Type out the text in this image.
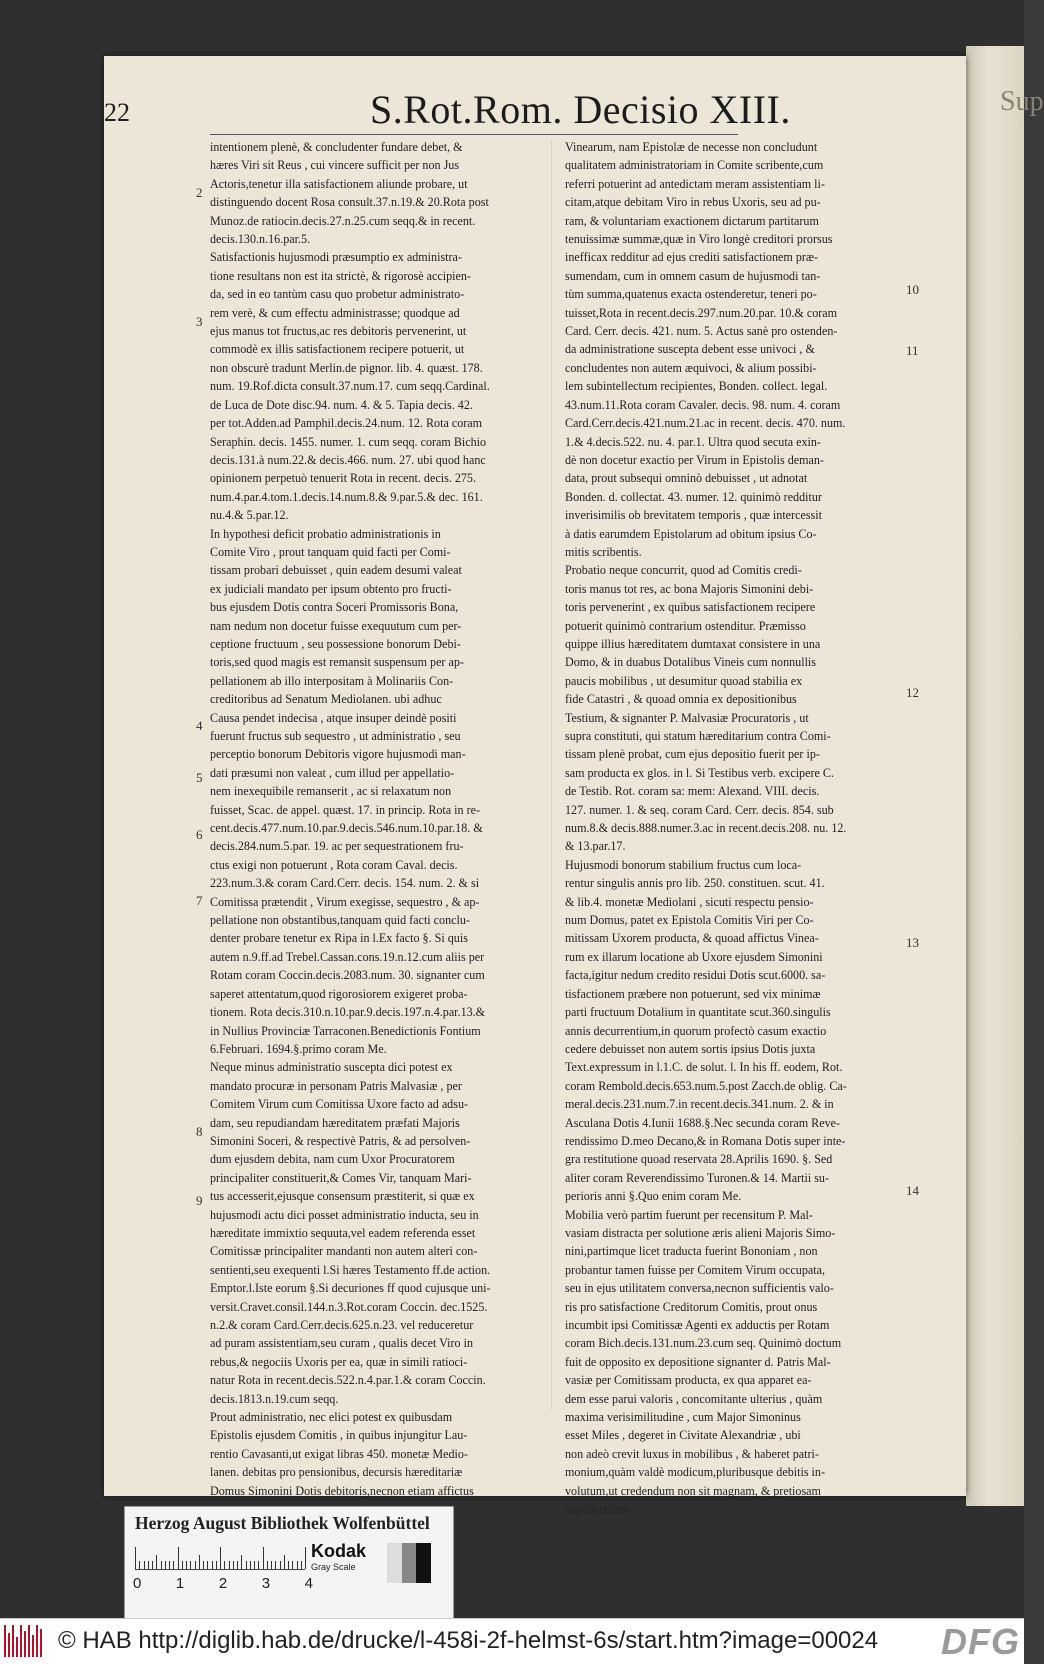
Sup
22	S.Rot.Rom. Decisio XIII.
intentionem plenè, & concludenter fundare debet, &
hæres Viri sit Reus , cui vincere sufficit per non Jus
Actoris,tenetur illa satisfactionem aliunde probare, ut
distinguendo docent Rosa consult.37.n.19.& 20.Rota post
Munoz.de ratiocin.decis.27.n.25.cum seqq.& in recent.
decis.130.n.16.par.5.
Satisfactionis hujusmodi præsumptio ex administra-
tione resultans non est ita strictè, & rigorosè accipien-
da, sed in eo tantùm casu quo probetur administrato-
rem verè, & cum effectu administrasse; quodque ad
ejus manus tot fructus,ac res debitoris pervenerint, ut
commodè ex illis satisfactionem recipere potuerit, ut
non obscurè tradunt Merlin.de pignor. lib. 4. quæst. 178.
num. 19.Rof.dicta consult.37.num.17. cum seqq.Cardinal.
de Luca de Dote disc.94. num. 4. & 5. Tapia decis. 42.
per tot.Adden.ad Pamphil.decis.24.num. 12. Rota coram
Seraphin. decis. 1455. numer. 1. cum seqq. coram Bichio
decis.131.à num.22.& decis.466. num. 27. ubi quod hanc
opinionem perpetuò tenuerit Rota in recent. decis. 275.
num.4.par.4.tom.1.decis.14.num.8.& 9.par.5.& dec. 161.
nu.4.& 5.par.12.
In hypothesi deficit probatio administrationis in
Comite Viro , prout tanquam quid facti per Comi-
tissam probari debuisset , quin eadem desumi valeat
ex judiciali mandato per ipsum obtento pro fructi-
bus ejusdem Dotis contra Soceri Promissoris Bona,
nam nedum non docetur fuisse exequutum cum per-
ceptione fructuum , seu possessione bonorum Debi-
toris,sed quod magis est remansit suspensum per ap-
pellationem ab illo interpositam à Molinariis Con-
creditoribus ad Senatum Mediolanen. ubi adhuc
Causa pendet indecisa , atque insuper deindè positi
fuerunt fructus sub sequestro , ut administratio , seu
perceptio bonorum Debitoris vigore hujusmodi man-
dati præsumi non valeat , cum illud per appellatio-
nem inexequibile remanserit , ac si relaxatum non
fuisset, Scac. de appel. quæst. 17. in princip. Rota in re-
cent.decis.477.num.10.par.9.decis.546.num.10.par.18. &
decis.284.num.5.par. 19. ac per sequestrationem fru-
ctus exigi non potuerunt , Rota coram Caval. decis.
223.num.3.& coram Card.Cerr. decis. 154. num. 2. & si
Comitissa prætendit , Virum exegisse, sequestro , & ap-
pellatione non obstantibus,tanquam quid facti conclu-
denter probare tenetur ex Ripa in l.Ex facto §. Si quis
autem n.9.ff.ad Trebel.Cassan.cons.19.n.12.cum aliis per
Rotam coram Coccin.decis.2083.num. 30. signanter cum
saperet attentatum,quod rigorosiorem exigeret proba-
tionem. Rota decis.310.n.10.par.9.decis.197.n.4.par.13.&
in Nullius Provinciæ Tarraconen.Benedictionis Fontium
6.Februari. 1694.§.primo coram Me.
Neque minus administratio suscepta dici potest ex
mandato procuræ in personam Patris Malvasiæ , per
Comitem Virum cum Comitissa Uxore facto ad adsu-
dam, seu repudiandam hæreditatem præfati Majoris
Simonini Soceri, & respectivè Patris, & ad persolven-
dum ejusdem debita, nam cum Uxor Procuratorem
principaliter constituerit,& Comes Vir, tanquam Mari-
tus accesserit,ejusque consensum præstiterit, si quæ ex
hujusmodi actu dici posset administratio inducta, seu in
hæreditate immixtio sequuta,vel eadem referenda esset
Comitissæ principaliter mandanti non autem alteri con-
sentienti,seu exequenti l.Si hæres Testamento ff.de action.
Emptor.l.Iste eorum §.Si decuriones ff quod cujusque uni-
versit.Cravet.consil.144.n.3.Rot.coram Coccin. dec.1525.
n.2.& coram Card.Cerr.decis.625.n.23. vel reduceretur
ad puram assistentiam,seu curam , qualis decet Viro in
rebus,& negociis Uxoris per ea, quæ in simili ratioci-
natur Rota in recent.decis.522.n.4.par.1.& coram Coccin.
decis.1813.n.19.cum seqq.
Prout administratio, nec elici potest ex quibusdam
Epistolis ejusdem Comitis , in quibus injungitur Lau-
rentio Cavasanti,ut exigat libras 450. monetæ Medio-
lanen. debitas pro pensionibus, decursis hæreditariæ
Domus Simonini Dotis debitoris,necnon etiam affictus
Vinearum, nam Epistolæ de necesse non concludunt
qualitatem administratoriam in Comite scribente,cum
referri potuerint ad antedictam meram assistentiam li-
citam,atque debitam Viro in rebus Uxoris, seu ad pu-
ram, & voluntariam exactionem dictarum partitarum
tenuissimæ summæ,quæ in Viro longè creditori prorsus
inefficax redditur ad ejus crediti satisfactionem præ-
sumendam, cum in omnem casum de hujusmodi tan-
tùm summa,quatenus exacta ostenderetur, teneri po-
tuisset,Rota in recent.decis.297.num.20.par. 10.& coram
Card. Cerr. decis. 421. num. 5. Actus sanè pro ostenden-
da administratione suscepta debent esse univoci , &
concludentes non autem æquivoci, & alium possibi-
lem subintellectum recipientes, Bonden. collect. legal.
43.num.11.Rota coram Cavaler. decis. 98. num. 4. coram
Card.Cerr.decis.421.num.21.ac in recent. decis. 470. num.
1.& 4.decis.522. nu. 4. par.1. Ultra quod secuta exin-
dè non docetur exactio per Virum in Epistolis deman-
data, prout subsequi omninò debuisset , ut adnotat
Bonden. d. collectat. 43. numer. 12. quinimò redditur
inverisimilis ob brevitatem temporis , quæ intercessit
à datis earumdem Epistolarum ad obitum ipsius Co-
mitis scribentis.
Probatio neque concurrit, quod ad Comitis credi-
toris manus tot res, ac bona Majoris Simonini debi-
toris pervenerint , ex quibus satisfactionem recipere
potuerit quinimò contrarium ostenditur. Præmisso
quippe illius hæreditatem dumtaxat consistere in una
Domo, & in duabus Dotalibus Vineis cum nonnullis
paucis mobilibus , ut desumitur quoad stabilia ex
fide Catastri , & quoad omnia ex depositionibus
Testium, & signanter P. Malvasiæ Procuratoris , ut
supra constituti, qui statum hæreditarium contra Comi-
tissam plenè probat, cum ejus depositio fuerit per ip-
sam producta ex glos. in l. Si Testibus verb. excipere C.
de Testib. Rot. coram sa: mem: Alexand. VIII. decis.
127. numer. 1. & seq. coram Card. Cerr. decis. 854. sub
num.8.& decis.888.numer.3.ac in recent.decis.208. nu. 12.
& 13.par.17.
Hujusmodi bonorum stabilium fructus cum loca-
rentur singulis annis pro lib. 250. constituen. scut. 41.
& lib.4. monetæ Mediolani , sicuti respectu pensio-
num Domus, patet ex Epistola Comitis Viri per Co-
mitissam Uxorem producta, & quoad affictus Vinea-
rum ex illarum locatione ab Uxore ejusdem Simonini
facta,igitur nedum credito residui Dotis scut.6000. sa-
tisfactionem præbere non potuerunt, sed vix minimæ
parti fructuum Dotalium in quantitate scut.360.singulis
annis decurrentium,in quorum profectò casum exactio
cedere debuisset non autem sortis ipsius Dotis juxta
Text.expressum in l.1.C. de solut. l. In his ff. eodem, Rot.
coram Rembold.decis.653.num.5.post Zacch.de oblig. Ca-
meral.decis.231.num.7.in recent.decis.341.num. 2. & in
Asculana Dotis 4.Iunii 1688.§.Nec secunda coram Reve-
rendissimo D.meo Decano,& in Romana Dotis super inte-
gra restitutione quoad reservata 28.Aprilis 1690. §. Sed
aliter coram Reverendissimo Turonen.& 14. Martii su-
perioris anni §.Quo enim coram Me.
Mobilia verò partim fuerunt per recensitum P. Mal-
vasiam distracta per solutione æris alieni Majoris Simo-
nini,partimque licet traducta fuerint Bononiam , non
probantur tamen fuisse per Comitem Virum occupata,
seu in ejus utilitatem conversa,necnon sufficientis valo-
ris pro satisfactione Creditorum Comitis, prout onus
incumbit ipsi Comitissæ Agenti ex adductis per Rotam
coram Bich.decis.131.num.23.cum seq. Quinimò doctum
fuit de opposito ex depositione signanter d. Patris Mal-
vasiæ per Comitissam producta, ex qua apparet ea-
dem esse parui valoris , concomitante ulterius , quàm
maxima verisimilitudine , cum Major Simoninus
esset Miles , degeret in Civitate Alexandriæ , ubi
non adeò crevit luxus in mobilibus , & haberet patri-
monium,quàm valdè modicum,pluribusque debitis in-
volutum,ut credendum non sit magnam, & pretiosam
supellectilem
2
3
4
5
6
7
8
9
10
11
12
13
14
Herzog August Bibliothek Wolfenbüttel
0 1 2 3 4
Kodak
Gray Scale
© HAB http://diglib.hab.de/drucke/l-458i-2f-helmst-6s/start.htm?image=00024 DFG
